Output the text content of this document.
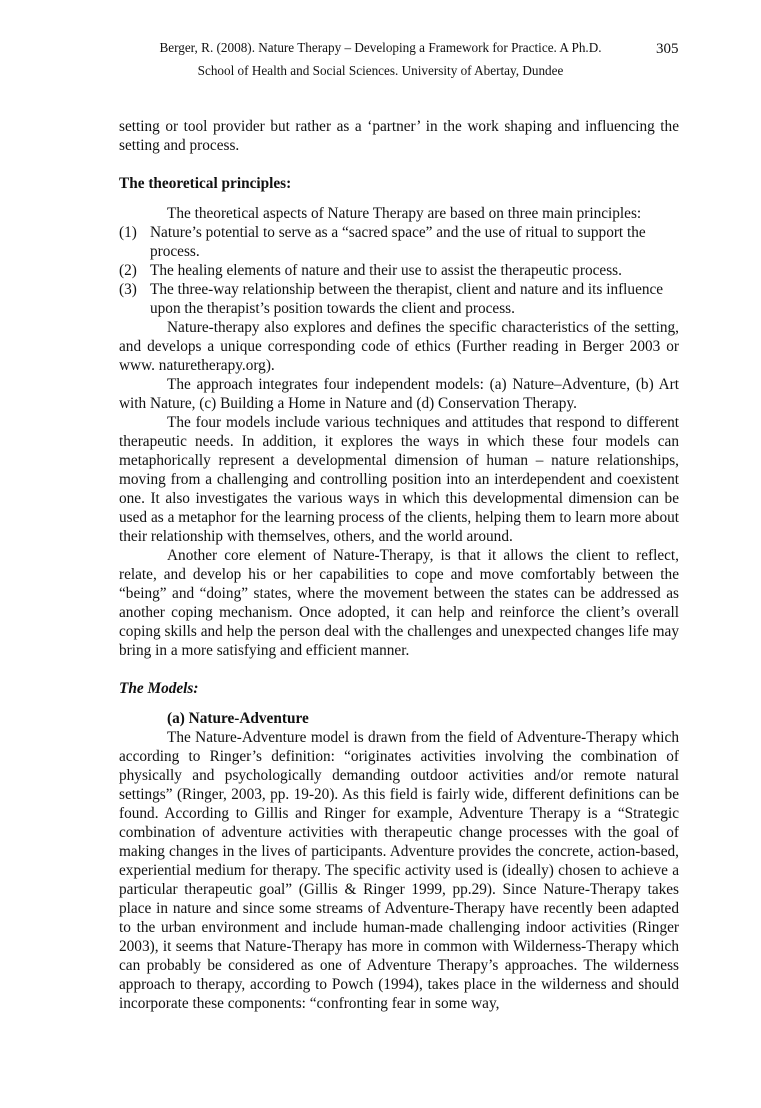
Berger, R. (2008). Nature Therapy – Developing a Framework for Practice. A Ph.D.
School of Health and Social Sciences. University of Abertay, Dundee
305

setting or tool provider but rather as a ‘partner’ in the work shaping and influencing the setting and process.

The theoretical principles:

The theoretical aspects of Nature Therapy are based on three main principles:

(1) Nature’s potential to serve as a “sacred space” and the use of ritual to support the process.
(2) The healing elements of nature and their use to assist the therapeutic process.
(3) The three-way relationship between the therapist, client and nature and its influence upon the therapist’s position towards the client and process.

Nature-therapy also explores and defines the specific characteristics of the setting, and develops a unique corresponding code of ethics (Further reading in Berger 2003 or www. naturetherapy.org).

The approach integrates four independent models: (a) Nature–Adventure, (b) Art with Nature, (c) Building a Home in Nature and (d) Conservation Therapy.

The four models include various techniques and attitudes that respond to different therapeutic needs. In addition, it explores the ways in which these four models can metaphorically represent a developmental dimension of human – nature relationships, moving from a challenging and controlling position into an interdependent and coexistent one. It also investigates the various ways in which this developmental dimension can be used as a metaphor for the learning process of the clients, helping them to learn more about their relationship with themselves, others, and the world around.

Another core element of Nature-Therapy, is that it allows the client to reflect, relate, and develop his or her capabilities to cope and move comfortably between the “being” and “doing” states, where the movement between the states can be addressed as another coping mechanism. Once adopted, it can help and reinforce the client’s overall coping skills and help the person deal with the challenges and unexpected changes life may bring in a more satisfying and efficient manner.

The Models:

(a) Nature-Adventure

The Nature-Adventure model is drawn from the field of Adventure-Therapy which according to Ringer’s definition: “originates activities involving the combination of physically and psychologically demanding outdoor activities and/or remote natural settings” (Ringer, 2003, pp. 19-20). As this field is fairly wide, different definitions can be found. According to Gillis and Ringer for example, Adventure Therapy is a “Strategic combination of adventure activities with therapeutic change processes with the goal of making changes in the lives of participants. Adventure provides the concrete, action-based, experiential medium for therapy. The specific activity used is (ideally) chosen to achieve a particular therapeutic goal” (Gillis & Ringer 1999, pp.29). Since Nature-Therapy takes place in nature and since some streams of Adventure-Therapy have recently been adapted to the urban environment and include human-made challenging indoor activities (Ringer 2003), it seems that Nature-Therapy has more in common with Wilderness-Therapy which can probably be considered as one of Adventure Therapy’s approaches. The wilderness approach to therapy, according to Powch (1994), takes place in the wilderness and should incorporate these components: “confronting fear in some way,
